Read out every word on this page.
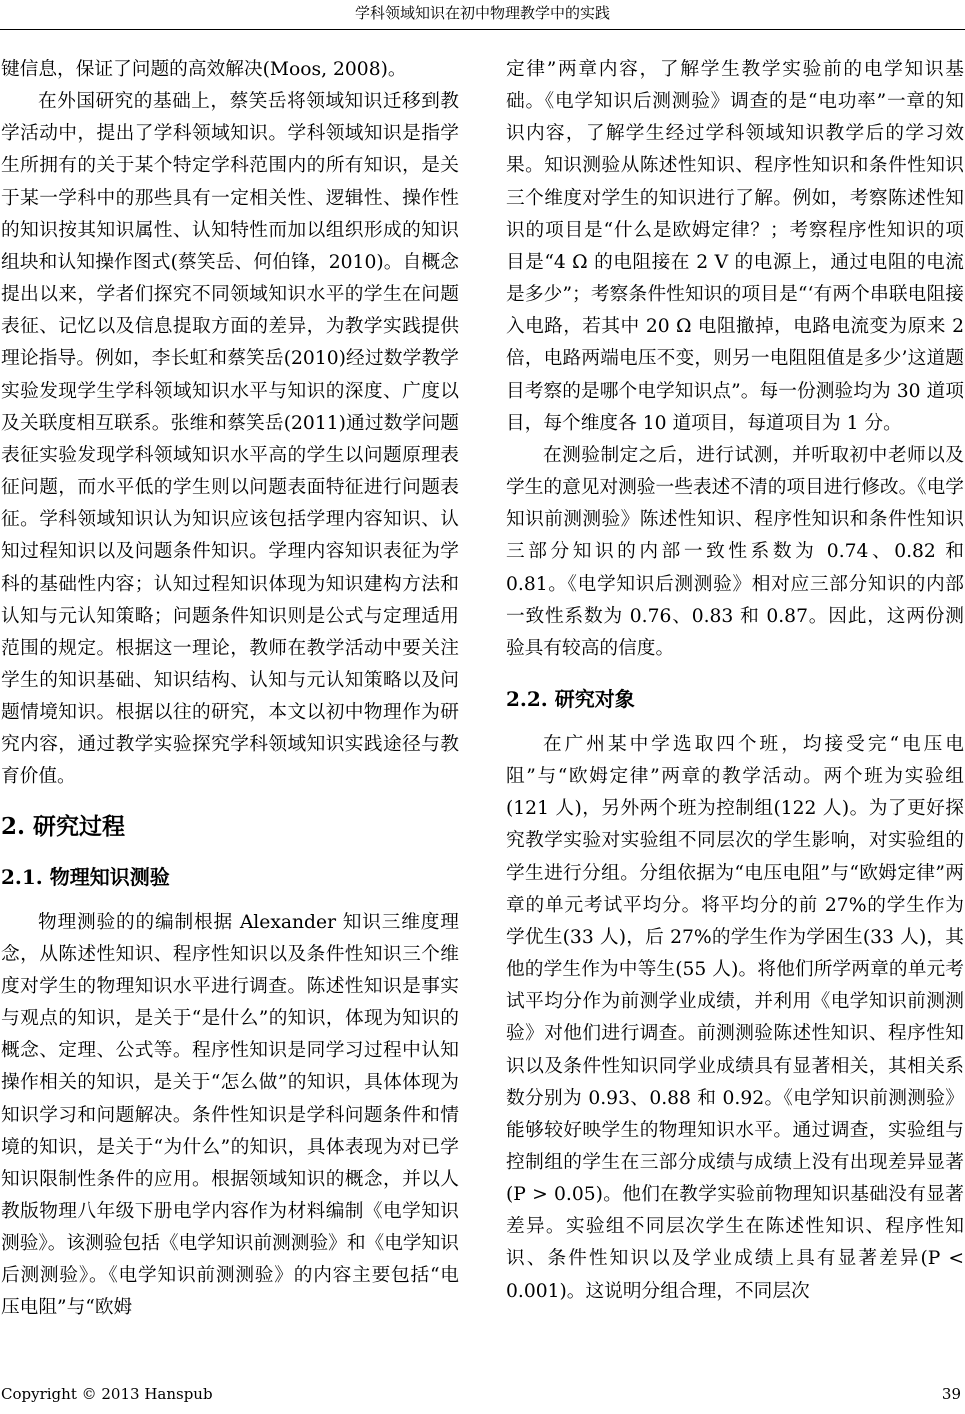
学科领域知识在初中物理教学中的实践

键信息，保证了问题的高效解决(Moos, 2008)。

在外国研究的基础上，蔡笑岳将领域知识迁移到教学活动中，提出了学科领域知识。学科领域知识是指学生所拥有的关于某个特定学科范围内的所有知识，是关于某一学科中的那些具有一定相关性、逻辑性、操作性的知识按其知识属性、认知特性而加以组织形成的知识组块和认知操作图式(蔡笑岳、何伯锋，2010)。自概念提出以来，学者们探究不同领域知识水平的学生在问题表征、记忆以及信息提取方面的差异，为教学实践提供理论指导。例如，李长虹和蔡笑岳(2010)经过数学教学实验发现学生学科领域知识水平与知识的深度、广度以及关联度相互联系。张维和蔡笑岳(2011)通过数学问题表征实验发现学科领域知识水平高的学生以问题原理表征问题，而水平低的学生则以问题表面特征进行问题表征。学科领域知识认为知识应该包括学理内容知识、认知过程知识以及问题条件知识。学理内容知识表征为学科的基础性内容；认知过程知识体现为知识建构方法和认知与元认知策略；问题条件知识则是公式与定理适用范围的规定。根据这一理论，教师在教学活动中要关注学生的知识基础、知识结构、认知与元认知策略以及问题情境知识。根据以往的研究，本文以初中物理作为研究内容，通过教学实验探究学科领域知识实践途径与教育价值。

2. 研究过程
2.1. 物理知识测验

物理测验的的编制根据 Alexander 知识三维度理念，从陈述性知识、程序性知识以及条件性知识三个维度对学生的物理知识水平进行调查。陈述性知识是事实与观点的知识，是关于“是什么”的知识，体现为知识的概念、定理、公式等。程序性知识是同学习过程中认知操作相关的知识，是关于“怎么做”的知识，具体体现为知识学习和问题解决。条件性知识是学科问题条件和情境的知识，是关于“为什么”的知识，具体表现为对已学知识限制性条件的应用。根据领域知识的概念，并以人教版物理八年级下册电学内容作为材料编制《电学知识测验》。该测验包括《电学知识前测测验》和《电学知识后测测验》。《电学知识前测测验》的内容主要包括“电压电阻”与“欧姆

定律”两章内容，了解学生教学实验前的电学知识基础。《电学知识后测测验》调查的是“电功率”一章的知识内容，了解学生经过学科领域知识教学后的学习效果。知识测验从陈述性知识、程序性知识和条件性知识三个维度对学生的知识进行了解。例如，考察陈述性知识的项目是“什么是欧姆定律？；考察程序性知识的项目是“4 Ω 的电阻接在 2 V 的电源上，通过电阻的电流是多少”；考察条件性知识的项目是“‘有两个串联电阻接入电路，若其中 20 Ω 电阻撤掉，电路电流变为原来 2 倍，电路两端电压不变，则另一电阻阻值是多少’这道题目考察的是哪个电学知识点”。每一份测验均为 30 道项目，每个维度各 10 道项目，每道项目为 1 分。

在测验制定之后，进行试测，并听取初中老师以及学生的意见对测验一些表述不清的项目进行修改。《电学知识前测测验》陈述性知识、程序性知识和条件性知识三部分知识的内部一致性系数为 0.74、0.82 和 0.81。《电学知识后测测验》相对应三部分知识的内部一致性系数为 0.76、0.83 和 0.87。因此，这两份测验具有较高的信度。

2.2. 研究对象

在广州某中学选取四个班，均接受完“电压电阻”与“欧姆定律”两章的教学活动。两个班为实验组(121 人)，另外两个班为控制组(122 人)。为了更好探究教学实验对实验组不同层次的学生影响，对实验组的学生进行分组。分组依据为“电压电阻”与“欧姆定律”两章的单元考试平均分。将平均分的前 27%的学生作为学优生(33 人)，后 27%的学生作为学困生(33 人)，其他的学生作为中等生(55 人)。将他们所学两章的单元考试平均分作为前测学业成绩，并利用《电学知识前测测验》对他们进行调查。前测测验陈述性知识、程序性知识以及条件性知识同学业成绩具有显著相关，其相关系数分别为 0.93、0.88 和 0.92。《电学知识前测测验》能够较好映学生的物理知识水平。通过调查，实验组与控制组的学生在三部分成绩与成绩上没有出现差异显著(P > 0.05)。他们在教学实验前物理知识基础没有显著差异。实验组不同层次学生在陈述性知识、程序性知识、条件性知识以及学业成绩上具有显著差异(P < 0.001)。这说明分组合理，不同层次

Copyright © 2013 Hanspub	39
